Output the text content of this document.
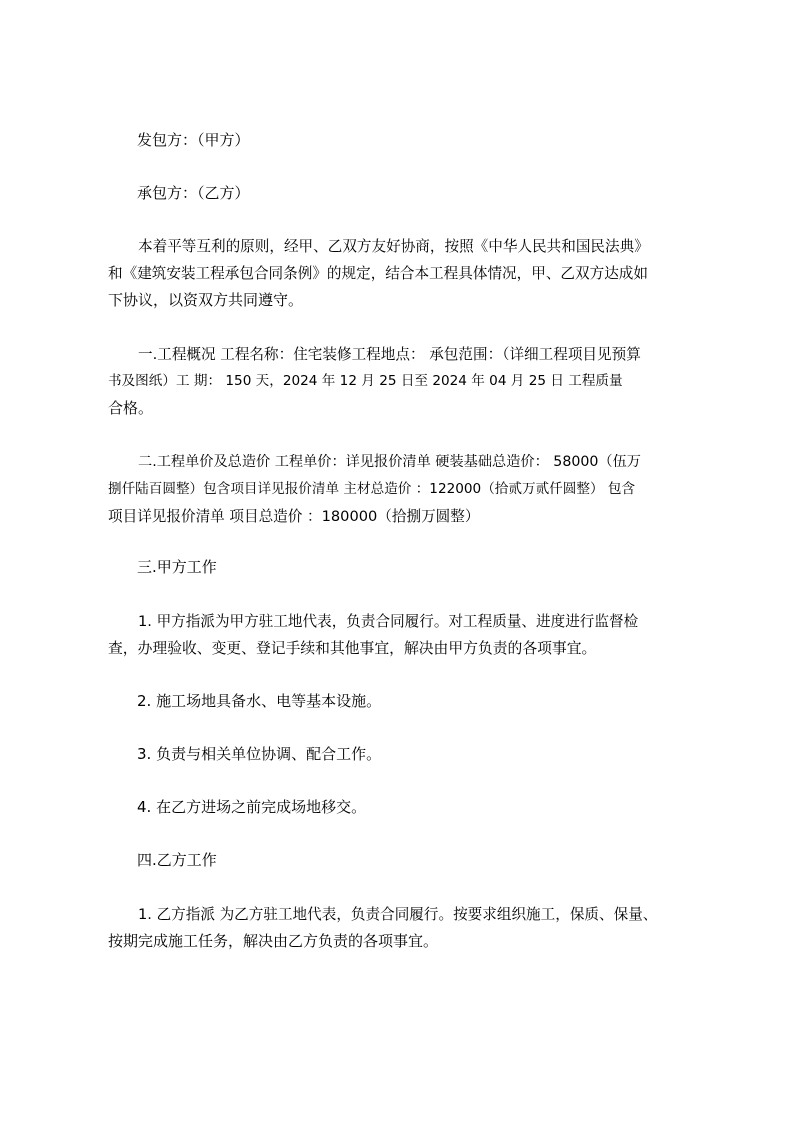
发包方：（甲方）

承包方：（乙方）

本着平等互利的原则，经甲、乙双方友好协商，按照《中华人民共和国民法典》
和《建筑安装工程承包合同条例》的规定，结合本工程具体情况，甲、乙双方达成如
下协议，以资双方共同遵守。
一.工程概况 工程名称：住宅装修工程地点： 承包范围：（详细工程项目见预算
书及图纸）工 期： 150 天，2024 年 12 月 25 日至 2024 年 04 月 25 日 工程质量
合格。
二.工程单价及总造价 工程单价：详见报价清单 硬装基础总造价： 58000（伍万
捌仟陆百圆整）包含项目详见报价清单 主材总造价 ：122000（拾贰万贰仟圆整） 包含
项目详见报价清单 项目总造价 ：180000（拾捌万圆整）

三.甲方工作

1. 甲方指派为甲方驻工地代表，负责合同履行。对工程质量、进度进行监督检
查，办理验收、变更、登记手续和其他事宜，解决由甲方负责的各项事宜。

2. 施工场地具备水、电等基本设施。

3. 负责与相关单位协调、配合工作。

4. 在乙方进场之前完成场地移交。

四.乙方工作

1. 乙方指派 为乙方驻工地代表，负责合同履行。按要求组织施工，保质、保量、
按期完成施工任务，解决由乙方负责的各项事宜。
